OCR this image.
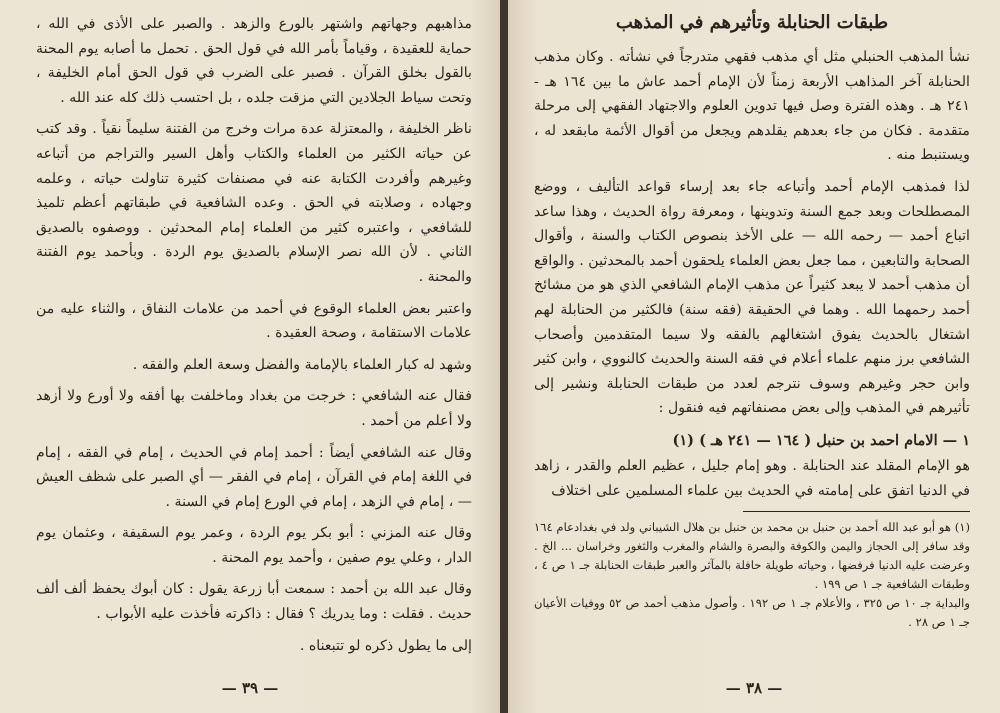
مذاهبهم وجهاتهم واشتهر بالورع والزهد . والصبر على الأذى في الله ، حماية للعقيدة ، وقياماً بأمر الله في قول الحق . تحمل ما أصابه يوم المحنة بالقول بخلق القرآن . فصبر على الضرب في قول الحق أمام الخليفة ، وتحت سياط الجلادين التي مزقت جلده ، بل احتسب ذلك كله عند الله .

ناظر الخليفة ، والمعتزلة عدة مرات وخرج من الفتنة سليماً نقياً . وقد كتب عن حياته الكثير من العلماء والكتاب وأهل السير والتراجم من أتباعه وغيرهم وأفردت الكتابة عنه في مصنفات كثيرة تناولت حياته ، وعلمه وجهاده ، وصلابته في الحق . وعده الشافعية في طبقاتهم أعظم تلميذ للشافعي ، واعتبره كثير من العلماء إمام المحدثين . ووصفوه بالصديق الثاني . لأن الله نصر الإسلام بالصديق يوم الردة . وبأحمد يوم الفتنة والمحنة .

واعتبر بعض العلماء الوقوع في أحمد من علامات النفاق ، والثناء عليه من علامات الاستقامة ، وصحة العقيدة .

وشهد له كبار العلماء بالإمامة والفضل وسعة العلم والفقه .

فقال عنه الشافعي : خرجت من بغداد وماخلفت بها أفقه ولا أورع ولا أزهد ولا أعلم من أحمد .

وقال عنه الشافعي أيضاً : أحمد إمام في الحديث ، إمام في الفقه ، إمام في اللغة إمام في القرآن ، إمام في الفقر — أي الصبر على شظف العيش — ، إمام في الزهد ، إمام في الورع إمام في السنة .

وقال عنه المزني : أبو بكر يوم الردة ، وعمر يوم السقيفة ، وعثمان يوم الدار ، وعلي يوم صفين ، وأحمد يوم المحنة .

وقال عبد الله بن أحمد : سمعت أبا زرعة يقول : كان أبوك يحفظ ألف ألف حديث . فقلت : وما يدريك ؟ فقال : ذاكرته فأخذت عليه الأبواب .

إلى ما يطول ذكره لو تتبعناه .

— ٣٩ —
طبقات الحنابلة وتأثيرهم في المذهب

نشأ المذهب الحنبلي مثل أي مذهب فقهي متدرجاً في نشأته . وكان مذهب الحنابلة آخر المذاهب الأربعة زمناً لأن الإمام أحمد عاش ما بين ١٦٤ هـ - ٢٤١ هـ . وهذه الفترة وصل فيها تدوين العلوم والاجتهاد الفقهي إلى مرحلة متقدمة . فكان من جاء بعدهم يقلدهم ويجعل من أقوال الأئمة مابقعد له ، ويستنبط منه .

لذا فمذهب الإمام أحمد وأتباعه جاء بعد إرساء قواعد التأليف ، ووضع المصطلحات وبعد جمع السنة وتدوينها ، ومعرفة رواة الحديث ، وهذا ساعد اتباع أحمد — رحمه الله — على الأخذ بنصوص الكتاب والسنة ، وأقوال الصحابة والتابعين ، مما جعل بعض العلماء يلحقون أحمد بالمحدثين . والواقع أن مذهب أحمد لا يبعد كثيراً عن مذهب الإمام الشافعي الذي هو من مشائخ أحمد رحمهما الله . وهما في الحقيقة (فقه سنة) فالكثير من الحنابلة لهم اشتغال بالحديث يفوق اشتغالهم بالفقه ولا سيما المتقدمين وأصحاب الشافعي برز منهم علماء أعلام في فقه السنة والحديث كالنووي ، وابن كثير وابن حجر وغيرهم وسوف نترجم لعدد من طبقات الحنابلة ونشير إلى تأثيرهم في المذهب وإلى بعض مصنفاتهم فيه فنقول :

١ — الامام احمد بن حنبل ( ١٦٤ — ٢٤١ هـ ) (١)

هو الإمام المقلد عند الحنابلة . وهو إمام جليل ، عظيم العلم والقدر ، زاهد في الدنيا اتفق على إمامته في الحديث بين علماء المسلمين على اختلاف

(١) هو أبو عبد الله أحمد بن حنبل بن محمد بن حنبل بن هلال الشيباني ولد في بغدادعام ١٦٤ وقد سافر إلى الحجاز واليمن والكوفة والبصرة والشام والمغرب والثغور وخراسان ... الخ . وعرضت عليه الدنيا فرفضها ، وحياته طويلة حافلة بالمآثر والعبر طبقات الحنابلة جـ ١ ص ٤ ، وطبقات الشافعية جـ ١ ص ١٩٩ .

والبداية جـ ١٠ ص ٣٢٥ ، والأعلام جـ ١ ص ١٩٢ . وأصول مذهب أحمد ص ٥٢ ووفيات الأعيان جـ ١ ص ٢٨ .

— ٣٨ —
